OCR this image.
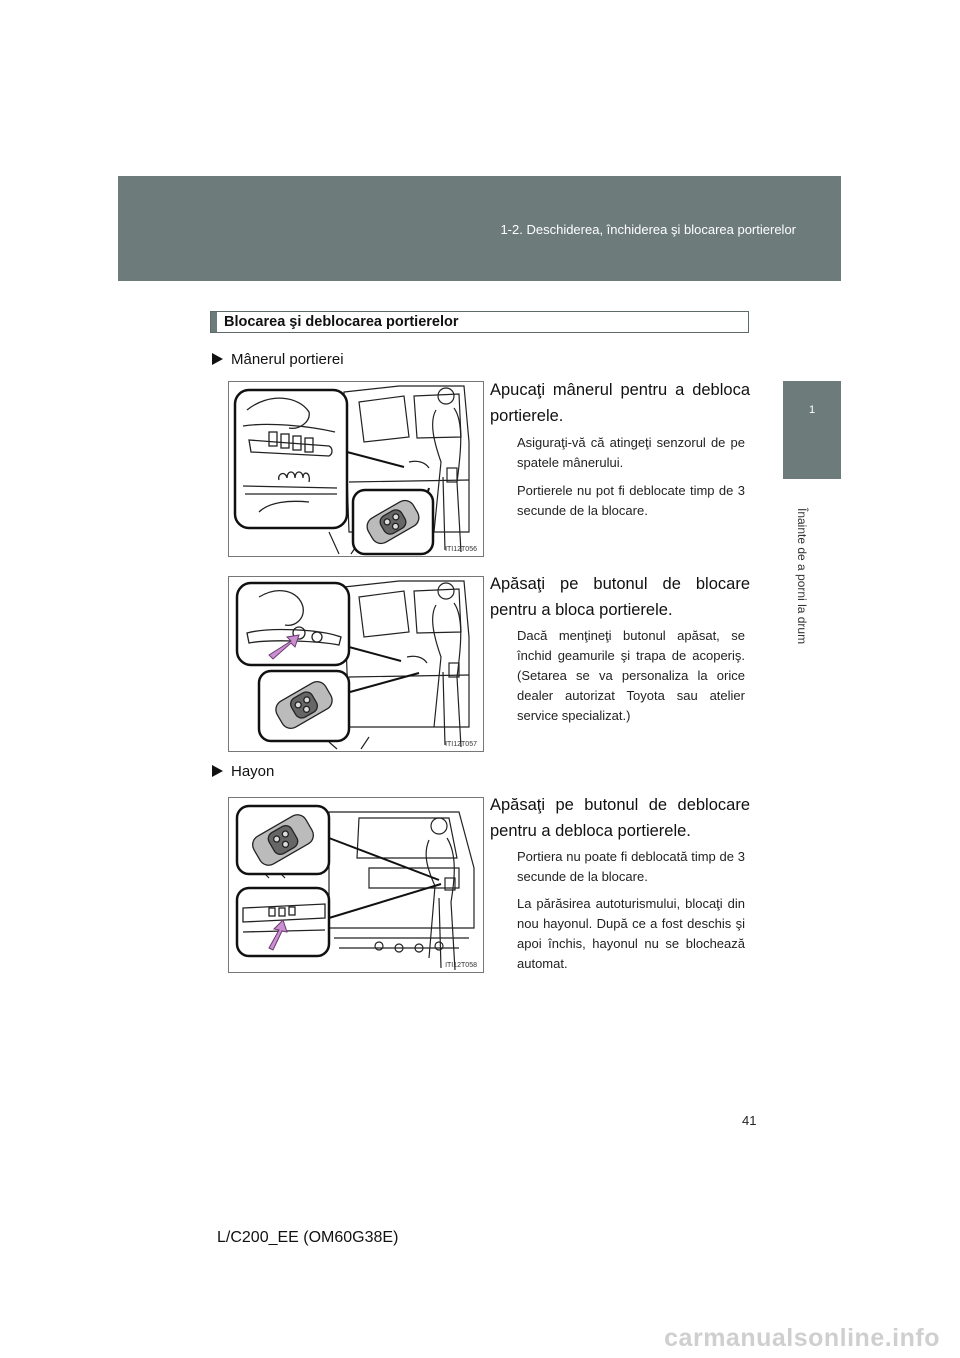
1-2. Deschiderea, închiderea şi blocarea portierelor
1
Înainte de a porni la drum
Blocarea şi deblocarea portierelor
Mânerul portierei
ITI12T056
Apucaţi mânerul pentru a debloca portierele.
Asiguraţi-vă că atingeţi senzorul de pe spatele mânerului.
Portierele nu pot fi deblocate timp de 3 secunde de la blocare.
ITI12T057
Apăsaţi pe butonul de blocare pentru a bloca portierele.
Dacă menţineţi butonul apăsat, se închid geamurile şi trapa de acoperiş. (Setarea se va personaliza la orice dealer autorizat Toyota sau atelier service specializat.)
Hayon
ITI12T058
Apăsaţi pe butonul de deblocare pentru a debloca portierele.
Portiera nu poate fi deblocată timp de 3 secunde de la blocare.
La părăsirea autoturismului, blocaţi din nou hayonul. După ce a fost deschis şi apoi închis, hayonul nu se blochează automat.
41
L/C200_EE (OM60G38E)
carmanualsonline.info
